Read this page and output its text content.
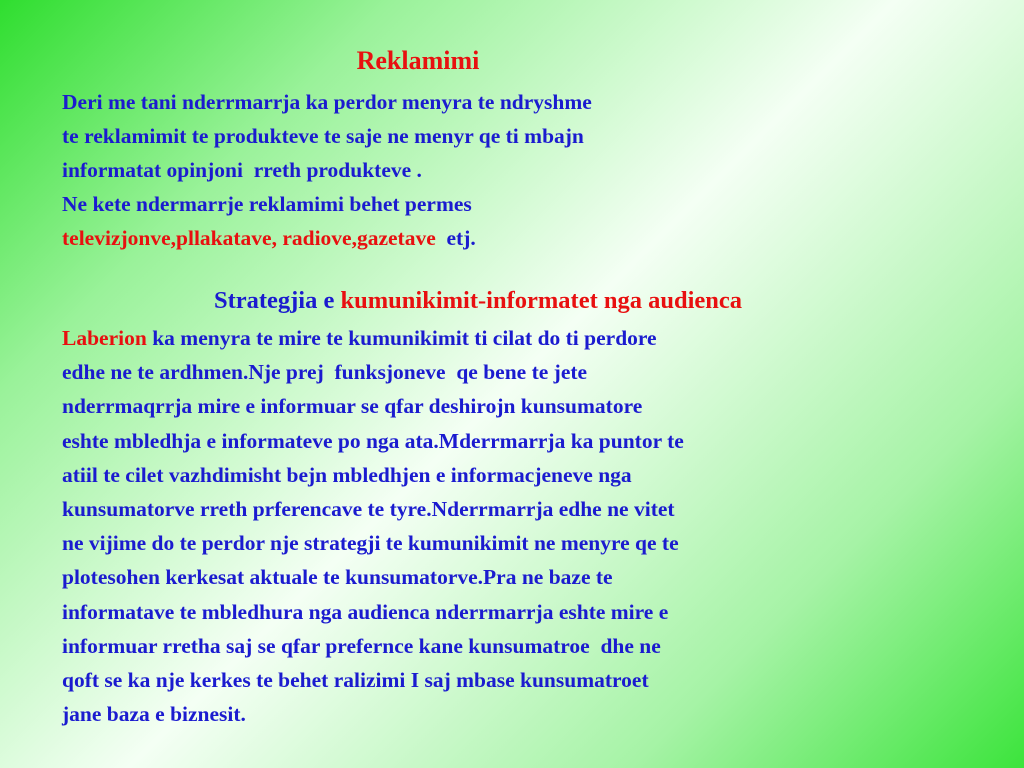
Reklamimi
Deri me tani nderrmarrja ka perdor menyra te ndryshme
te reklamimit te produkteve te saje ne menyr qe ti mbajn
informatat opinjoni  rreth produkteve .
Ne kete ndermarrje reklamimi behet permes
televizjonve,pllakatave, radiove,gazetave  etj.
Strategjia e kumunikimit-informatet nga audienca
Laberion ka menyra te mire te kumunikimit ti cilat do ti perdore
edhe ne te ardhmen.Nje prej  funksjoneve  qe bene te jete
nderrmaqrrja mire e informuar se qfar deshirojn kunsumatore
eshte mbledhja e informateve po nga ata.Mderrmarrja ka puntor te
atiil te cilet vazhdimisht bejn mbledhjen e informacjeneve nga
kunsumatorve rreth prferencave te tyre.Nderrmarrja edhe ne vitet
ne vijime do te perdor nje strategji te kumunikimit ne menyre qe te
plotesohen kerkesat aktuale te kunsumatorve.Pra ne baze te
informatave te mbledhura nga audienca nderrmarrja eshte mire e
informuar rretha saj se qfar prefernce kane kunsumatroe  dhe ne
qoft se ka nje kerkes te behet ralizimi I saj mbase kunsumatroet
jane baza e biznesit.
